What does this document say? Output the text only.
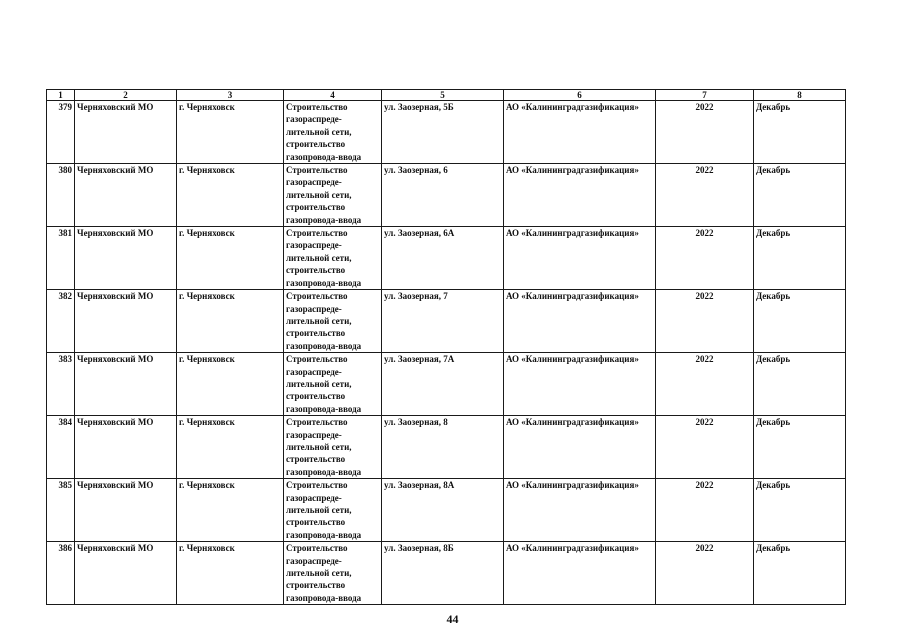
1	2	3	4	5	6	7	8
379	Черняховский МО	г. Черняховск	Строительство
газораспреде-
лительной сети,
строительство
газопровода-ввода	ул. Заозерная, 5Б	АО «Калининградгазификация»	2022	Декабрь
380	Черняховский МО	г. Черняховск	Строительство
газораспреде-
лительной сети,
строительство
газопровода-ввода	ул. Заозерная, 6	АО «Калининградгазификация»	2022	Декабрь
381	Черняховский МО	г. Черняховск	Строительство
газораспреде-
лительной сети,
строительство
газопровода-ввода	ул. Заозерная, 6А	АО «Калининградгазификация»	2022	Декабрь
382	Черняховский МО	г. Черняховск	Строительство
газораспреде-
лительной сети,
строительство
газопровода-ввода	ул. Заозерная, 7	АО «Калининградгазификация»	2022	Декабрь
383	Черняховский МО	г. Черняховск	Строительство
газораспреде-
лительной сети,
строительство
газопровода-ввода	ул. Заозерная, 7А	АО «Калининградгазификация»	2022	Декабрь
384	Черняховский МО	г. Черняховск	Строительство
газораспреде-
лительной сети,
строительство
газопровода-ввода	ул. Заозерная, 8	АО «Калининградгазификация»	2022	Декабрь
385	Черняховский МО	г. Черняховск	Строительство
газораспреде-
лительной сети,
строительство
газопровода-ввода	ул. Заозерная, 8А	АО «Калининградгазификация»	2022	Декабрь
386	Черняховский МО	г. Черняховск	Строительство
газораспреде-
лительной сети,
строительство
газопровода-ввода	ул. Заозерная, 8Б	АО «Калининградгазификация»	2022	Декабрь
44
